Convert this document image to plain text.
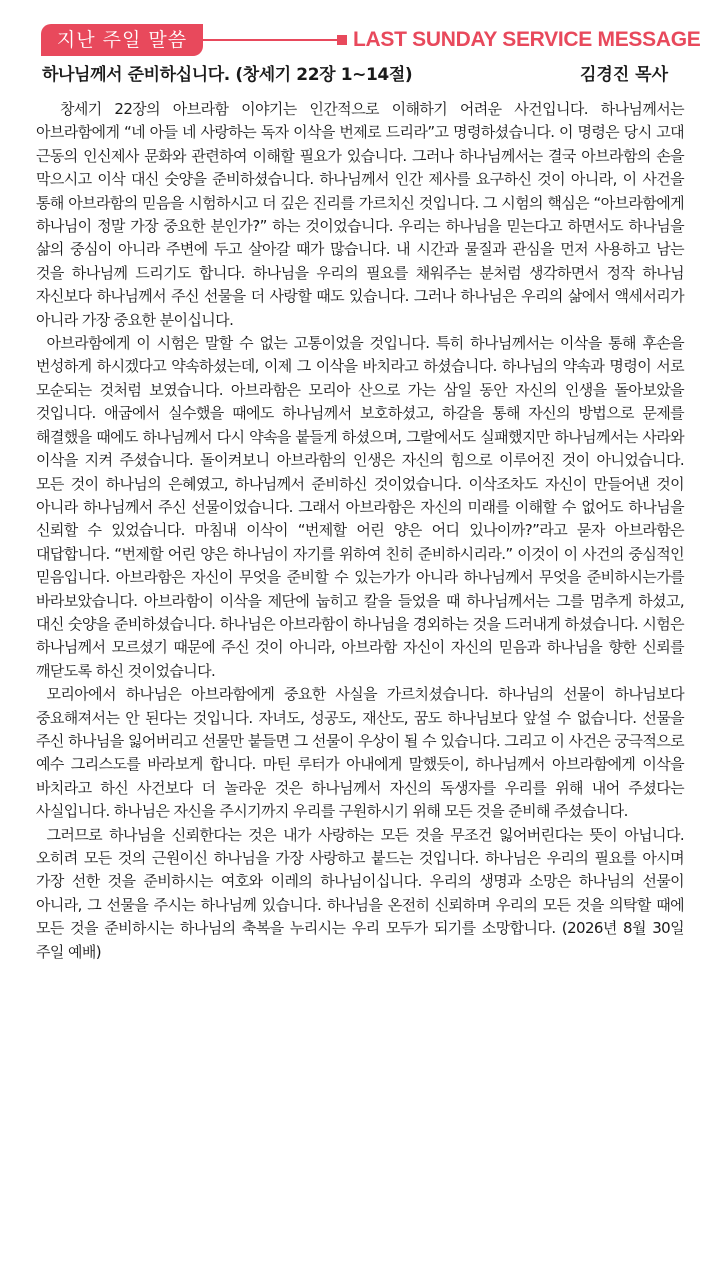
지난 주일 말씀	LAST SUNDAY SERVICE MESSAGE
하나님께서 준비하십니다. (창세기 22장 1~14절)	김경진 목사

창세기 22장의 아브라함 이야기는 인간적으로 이해하기 어려운 사건입니다. 하나님께서는 아브라함에게 “네 아들 네 사랑하는 독자 이삭을 번제로 드리라”고 명령하셨습니다. 이 명령은 당시 고대 근동의 인신제사 문화와 관련하여 이해할 필요가 있습니다. 그러나 하나님께서는 결국 아브라함의 손을 막으시고 이삭 대신 숫양을 준비하셨습니다. 하나님께서 인간 제사를 요구하신 것이 아니라, 이 사건을 통해 아브라함의 믿음을 시험하시고 더 깊은 진리를 가르치신 것입니다. 그 시험의 핵심은 “아브라함에게 하나님이 정말 가장 중요한 분인가?” 하는 것이었습니다. 우리는 하나님을 믿는다고 하면서도 하나님을 삶의 중심이 아니라 주변에 두고 살아갈 때가 많습니다. 내 시간과 물질과 관심을 먼저 사용하고 남는 것을 하나님께 드리기도 합니다. 하나님을 우리의 필요를 채워주는 분처럼 생각하면서 정작 하나님 자신보다 하나님께서 주신 선물을 더 사랑할 때도 있습니다. 그러나 하나님은 우리의 삶에서 액세서리가 아니라 가장 중요한 분이십니다.

아브라함에게 이 시험은 말할 수 없는 고통이었을 것입니다. 특히 하나님께서는 이삭을 통해 후손을 번성하게 하시겠다고 약속하셨는데, 이제 그 이삭을 바치라고 하셨습니다. 하나님의 약속과 명령이 서로 모순되는 것처럼 보였습니다. 아브라함은 모리아 산으로 가는 삼일 동안 자신의 인생을 돌아보았을 것입니다. 애굽에서 실수했을 때에도 하나님께서 보호하셨고, 하갈을 통해 자신의 방법으로 문제를 해결했을 때에도 하나님께서 다시 약속을 붙들게 하셨으며, 그랄에서도 실패했지만 하나님께서는 사라와 이삭을 지켜 주셨습니다. 돌이켜보니 아브라함의 인생은 자신의 힘으로 이루어진 것이 아니었습니다. 모든 것이 하나님의 은혜였고, 하나님께서 준비하신 것이었습니다. 이삭조차도 자신이 만들어낸 것이 아니라 하나님께서 주신 선물이었습니다. 그래서 아브라함은 자신의 미래를 이해할 수 없어도 하나님을 신뢰할 수 있었습니다. 마침내 이삭이 “번제할 어린 양은 어디 있나이까?”라고 묻자 아브라함은 대답합니다. “번제할 어린 양은 하나님이 자기를 위하여 친히 준비하시리라.” 이것이 이 사건의 중심적인 믿음입니다. 아브라함은 자신이 무엇을 준비할 수 있는가가 아니라 하나님께서 무엇을 준비하시는가를 바라보았습니다. 아브라함이 이삭을 제단에 눕히고 칼을 들었을 때 하나님께서는 그를 멈추게 하셨고, 대신 숫양을 준비하셨습니다. 하나님은 아브라함이 하나님을 경외하는 것을 드러내게 하셨습니다. 시험은 하나님께서 모르셨기 때문에 주신 것이 아니라, 아브라함 자신이 자신의 믿음과 하나님을 향한 신뢰를 깨닫도록 하신 것이었습니다.

모리아에서 하나님은 아브라함에게 중요한 사실을 가르치셨습니다. 하나님의 선물이 하나님보다 중요해져서는 안 된다는 것입니다. 자녀도, 성공도, 재산도, 꿈도 하나님보다 앞설 수 없습니다. 선물을 주신 하나님을 잃어버리고 선물만 붙들면 그 선물이 우상이 될 수 있습니다. 그리고 이 사건은 궁극적으로 예수 그리스도를 바라보게 합니다. 마틴 루터가 아내에게 말했듯이, 하나님께서 아브라함에게 이삭을 바치라고 하신 사건보다 더 놀라운 것은 하나님께서 자신의 독생자를 우리를 위해 내어 주셨다는 사실입니다. 하나님은 자신을 주시기까지 우리를 구원하시기 위해 모든 것을 준비해 주셨습니다.

그러므로 하나님을 신뢰한다는 것은 내가 사랑하는 모든 것을 무조건 잃어버린다는 뜻이 아닙니다. 오히려 모든 것의 근원이신 하나님을 가장 사랑하고 붙드는 것입니다. 하나님은 우리의 필요를 아시며 가장 선한 것을 준비하시는 여호와 이레의 하나님이십니다. 우리의 생명과 소망은 하나님의 선물이 아니라, 그 선물을 주시는 하나님께 있습니다. 하나님을 온전히 신뢰하며 우리의 모든 것을 의탁할 때에 모든 것을 준비하시는 하나님의 축복을 누리시는 우리 모두가 되기를 소망합니다. (2026년 8월 30일 주일 예배)
